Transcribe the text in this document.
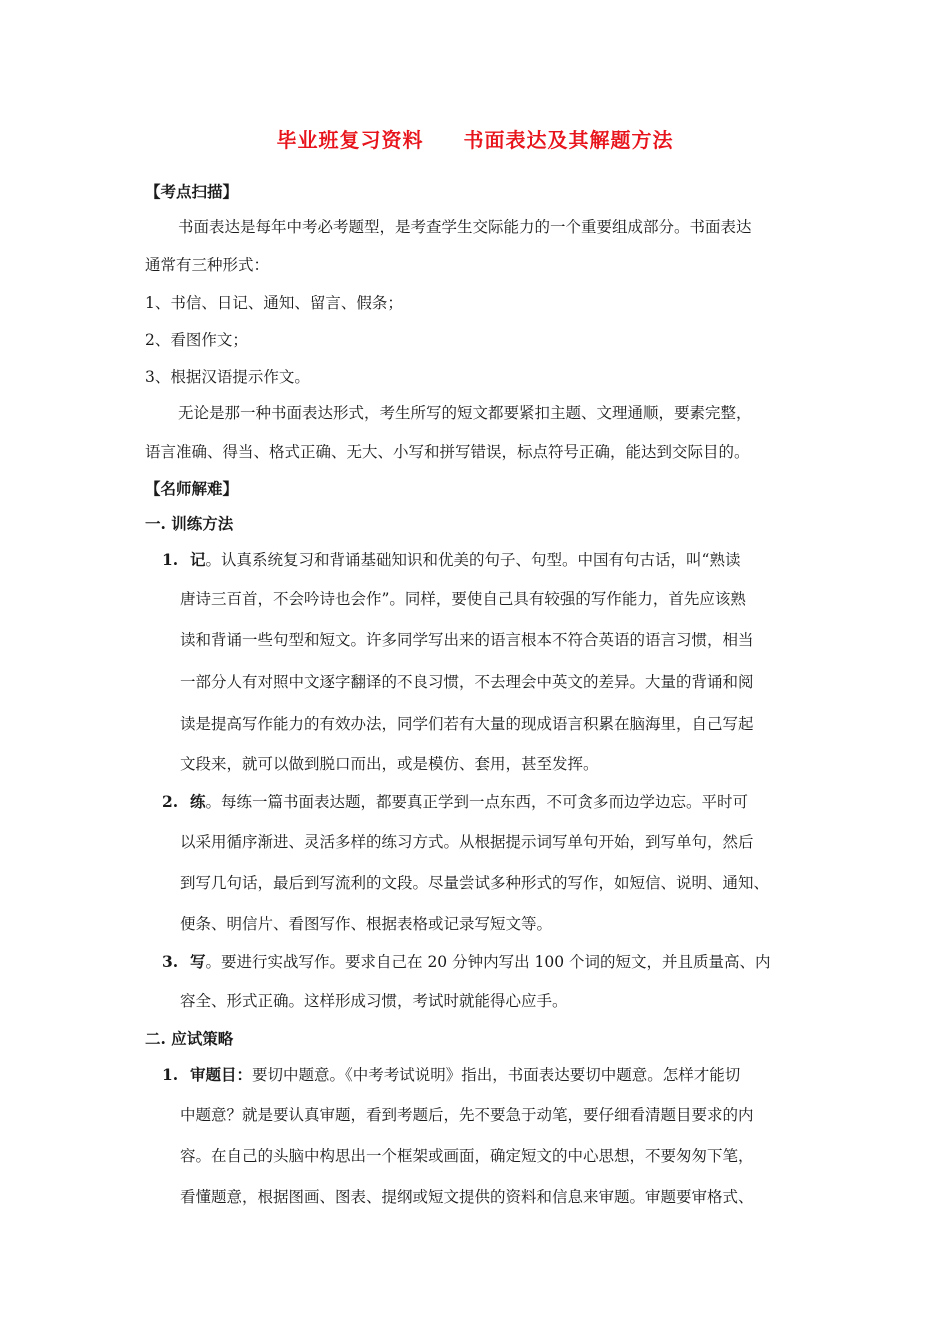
毕业班复习资料 书面表达及其解题方法
【考点扫描】
书面表达是每年中考必考题型，是考查学生交际能力的一个重要组成部分。书面表达
通常有三种形式：
1、书信、日记、通知、留言、假条；
2、看图作文；
3、根据汉语提示作文。
无论是那一种书面表达形式，考生所写的短文都要紧扣主题、文理通顺，要素完整，
语言准确、得当、格式正确、无大、小写和拼写错误，标点符号正确，能达到交际目的。
【名师解难】
一. 训练方法
1. 记。认真系统复习和背诵基础知识和优美的句子、句型。中国有句古话，叫“熟读
唐诗三百首，不会吟诗也会作”。同样，要使自己具有较强的写作能力，首先应该熟
读和背诵一些句型和短文。许多同学写出来的语言根本不符合英语的语言习惯，相当
一部分人有对照中文逐字翻译的不良习惯，不去理会中英文的差异。大量的背诵和阅
读是提高写作能力的有效办法，同学们若有大量的现成语言积累在脑海里，自己写起
文段来，就可以做到脱口而出，或是模仿、套用，甚至发挥。
2. 练。每练一篇书面表达题，都要真正学到一点东西，不可贪多而边学边忘。平时可
以采用循序渐进、灵活多样的练习方式。从根据提示词写单句开始，到写单句，然后
到写几句话，最后到写流利的文段。尽量尝试多种形式的写作，如短信、说明、通知、
便条、明信片、看图写作、根据表格或记录写短文等。
3. 写。要进行实战写作。要求自己在 20 分钟内写出 100 个词的短文，并且质量高、内
容全、形式正确。这样形成习惯，考试时就能得心应手。
二. 应试策略
1. 审题目：要切中题意。《中考考试说明》指出，书面表达要切中题意。怎样才能切
中题意？就是要认真审题，看到考题后，先不要急于动笔，要仔细看清题目要求的内
容。在自己的头脑中构思出一个框架或画面，确定短文的中心思想，不要匆匆下笔，
看懂题意，根据图画、图表、提纲或短文提供的资料和信息来审题。审题要审格式、
